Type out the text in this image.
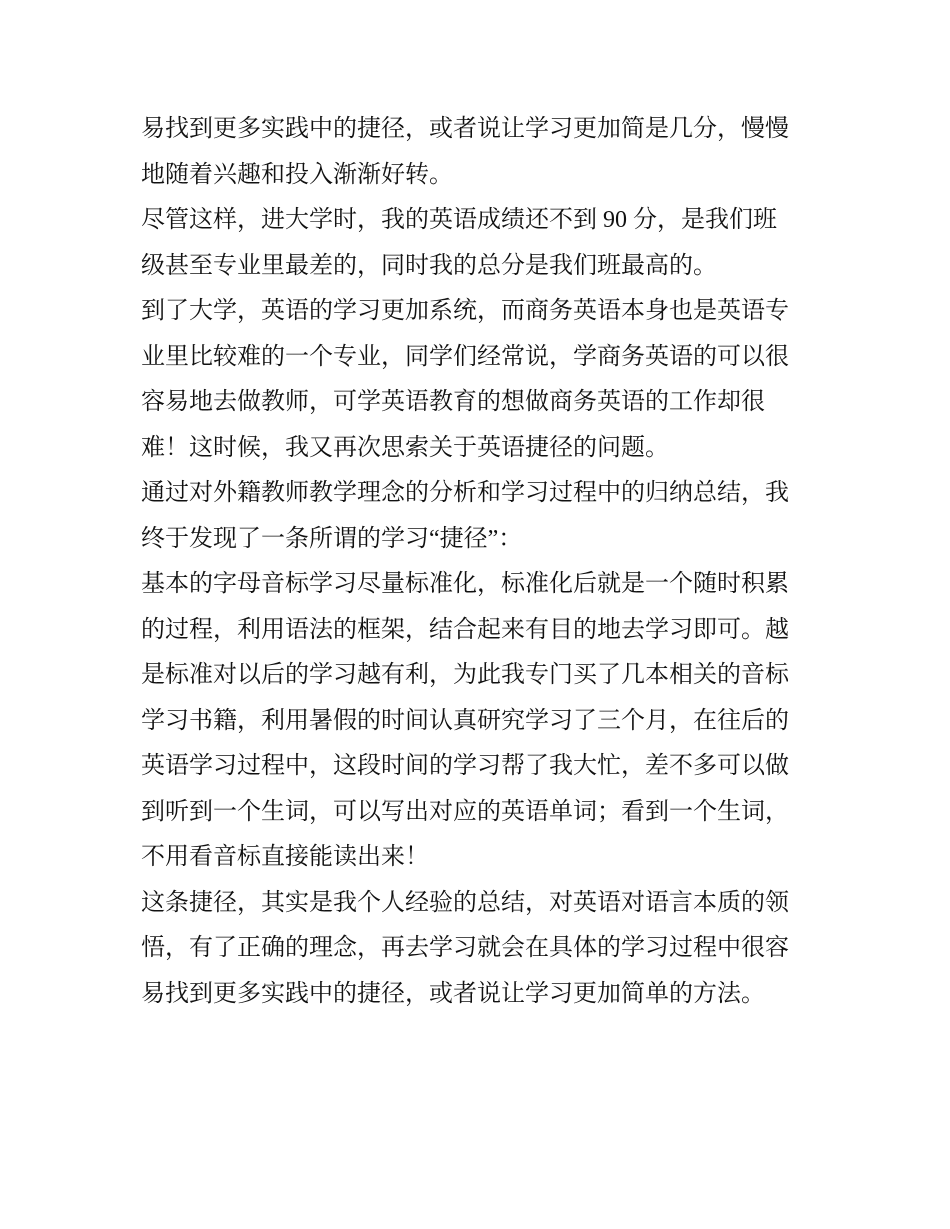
易找到更多实践中的捷径，或者说让学习更加简是几分，慢慢
地随着兴趣和投入渐渐好转。
尽管这样，进大学时，我的英语成绩还不到 90 分，是我们班
级甚至专业里最差的，同时我的总分是我们班最高的。
到了大学，英语的学习更加系统，而商务英语本身也是英语专
业里比较难的一个专业，同学们经常说，学商务英语的可以很
容易地去做教师，可学英语教育的想做商务英语的工作却很
难！这时候，我又再次思索关于英语捷径的问题。
通过对外籍教师教学理念的分析和学习过程中的归纳总结，我
终于发现了一条所谓的学习“捷径”：
基本的字母音标学习尽量标准化，标准化后就是一个随时积累
的过程，利用语法的框架，结合起来有目的地去学习即可。越
是标准对以后的学习越有利，为此我专门买了几本相关的音标
学习书籍，利用暑假的时间认真研究学习了三个月，在往后的
英语学习过程中，这段时间的学习帮了我大忙，差不多可以做
到听到一个生词，可以写出对应的英语单词；看到一个生词，
不用看音标直接能读出来！
这条捷径，其实是我个人经验的总结，对英语对语言本质的领
悟，有了正确的理念，再去学习就会在具体的学习过程中很容
易找到更多实践中的捷径，或者说让学习更加简单的方法。
